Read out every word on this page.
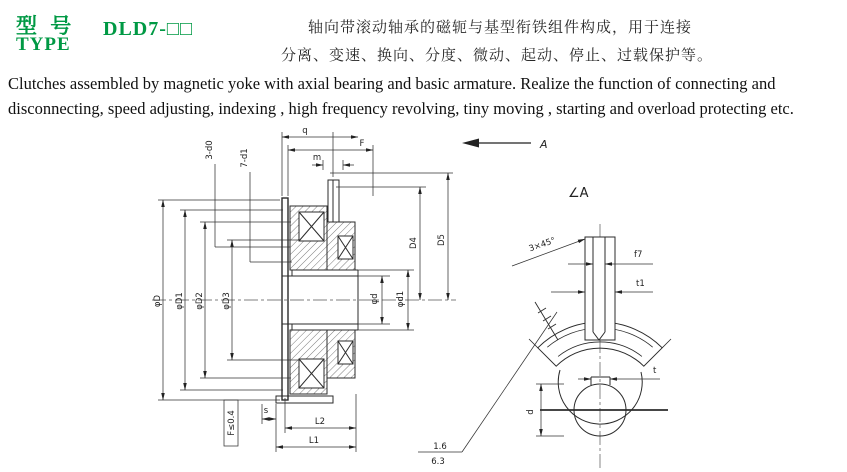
q
F
m
3-d0	7-d1
φD φD1 φD2 φD3
D4 D5
φd φd1
s
L2
L1
F≤0.4
A
∠A
3×45°
f7
t1
t
d
1.6
6.3
型 号
TYPE
DLD7-□□	轴向带滚动轴承的磁轭与基型衔铁组件构成，用于连接
分离、变速、换向、分度、微动、起动、停止、过载保护等。
Clutches assembled by magnetic yoke with axial bearing and basic armature. Realize the function of connecting and
disconnecting, speed adjusting, indexing , high frequency revolving, tiny moving , starting and overload protecting etc.
